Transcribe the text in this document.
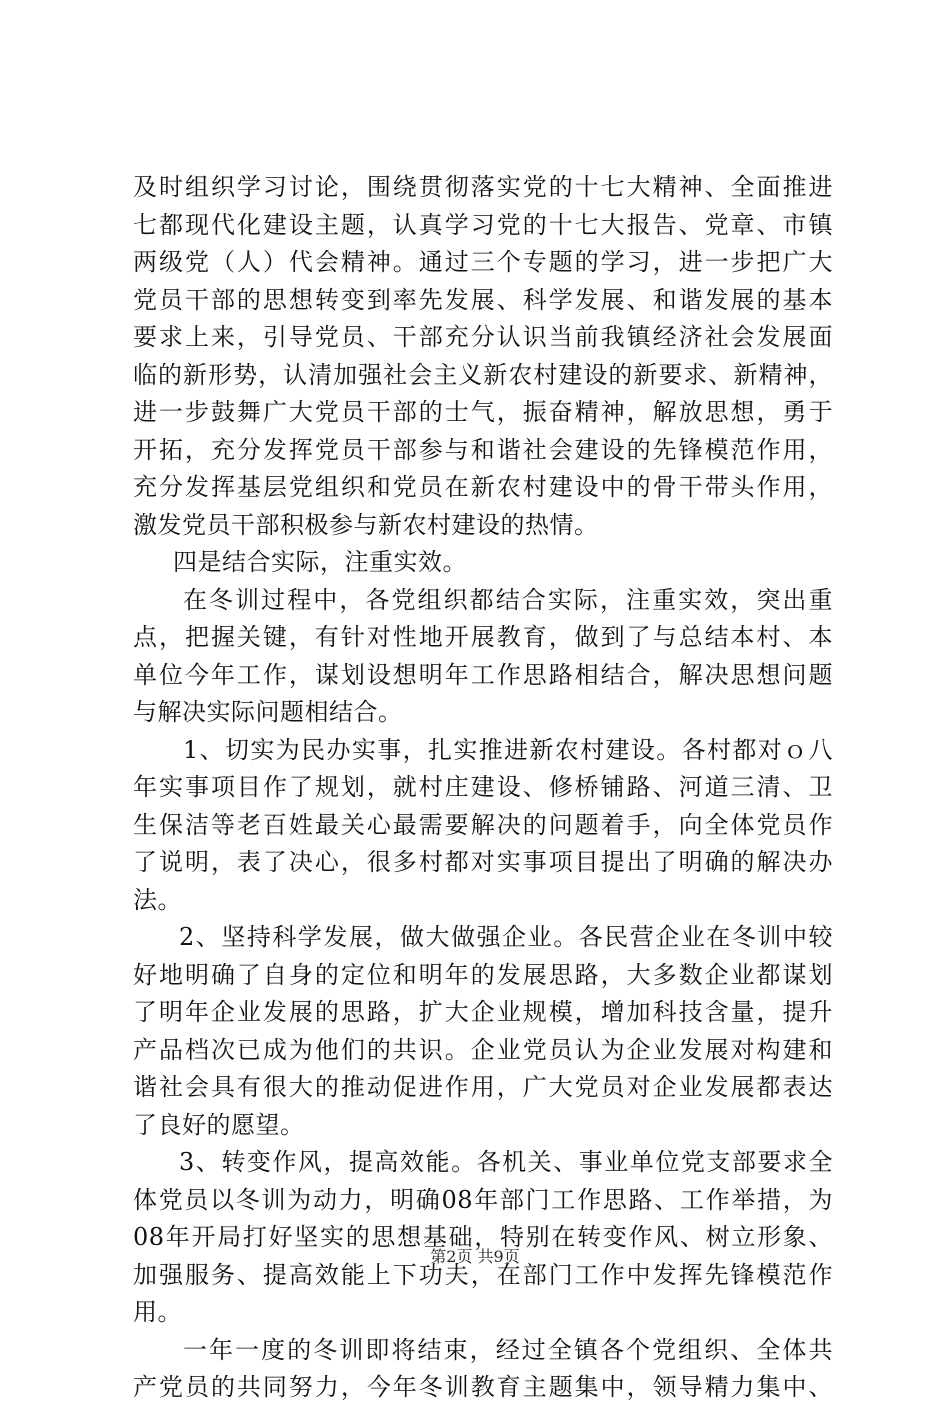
及时组织学习讨论，围绕贯彻落实党的十七大精神、全面推进
七都现代化建设主题，认真学习党的十七大报告、党章、市镇
两级党（人）代会精神。通过三个专题的学习，进一步把广大
党员干部的思想转变到率先发展、科学发展、和谐发展的基本
要求上来，引导党员、干部充分认识当前我镇经济社会发展面
临的新形势，认清加强社会主义新农村建设的新要求、新精神，
进一步鼓舞广大党员干部的士气，振奋精神，解放思想，勇于
开拓，充分发挥党员干部参与和谐社会建设的先锋模范作用，
充分发挥基层党组织和党员在新农村建设中的骨干带头作用，
激发党员干部积极参与新农村建设的热情。
四是结合实际，注重实效。
在冬训过程中，各党组织都结合实际，注重实效，突出重
点，把握关键，有针对性地开展教育，做到了与总结本村、本
单位今年工作，谋划设想明年工作思路相结合，解决思想问题
与解决实际问题相结合。
1、切实为民办实事，扎实推进新农村建设。各村都对ｏ八
年实事项目作了规划，就村庄建设、修桥铺路、河道三清、卫
生保洁等老百姓最关心最需要解决的问题着手，向全体党员作
了说明，表了决心，很多村都对实事项目提出了明确的解决办
法。
2、坚持科学发展，做大做强企业。各民营企业在冬训中较
好地明确了自身的定位和明年的发展思路，大多数企业都谋划
了明年企业发展的思路，扩大企业规模，增加科技含量，提升
产品档次已成为他们的共识。企业党员认为企业发展对构建和
谐社会具有很大的推动促进作用，广大党员对企业发展都表达
了良好的愿望。
3、转变作风，提高效能。各机关、事业单位党支部要求全
体党员以冬训为动力，明确08年部门工作思路、工作举措，为
08年开局打好坚实的思想基础，特别在转变作风、树立形象、
加强服务、提高效能上下功夫，在部门工作中发挥先锋模范作
用。
一年一度的冬训即将结束，经过全镇各个党组织、全体共
产党员的共同努力，今年冬训教育主题集中，领导精力集中、
第2页 共9页
